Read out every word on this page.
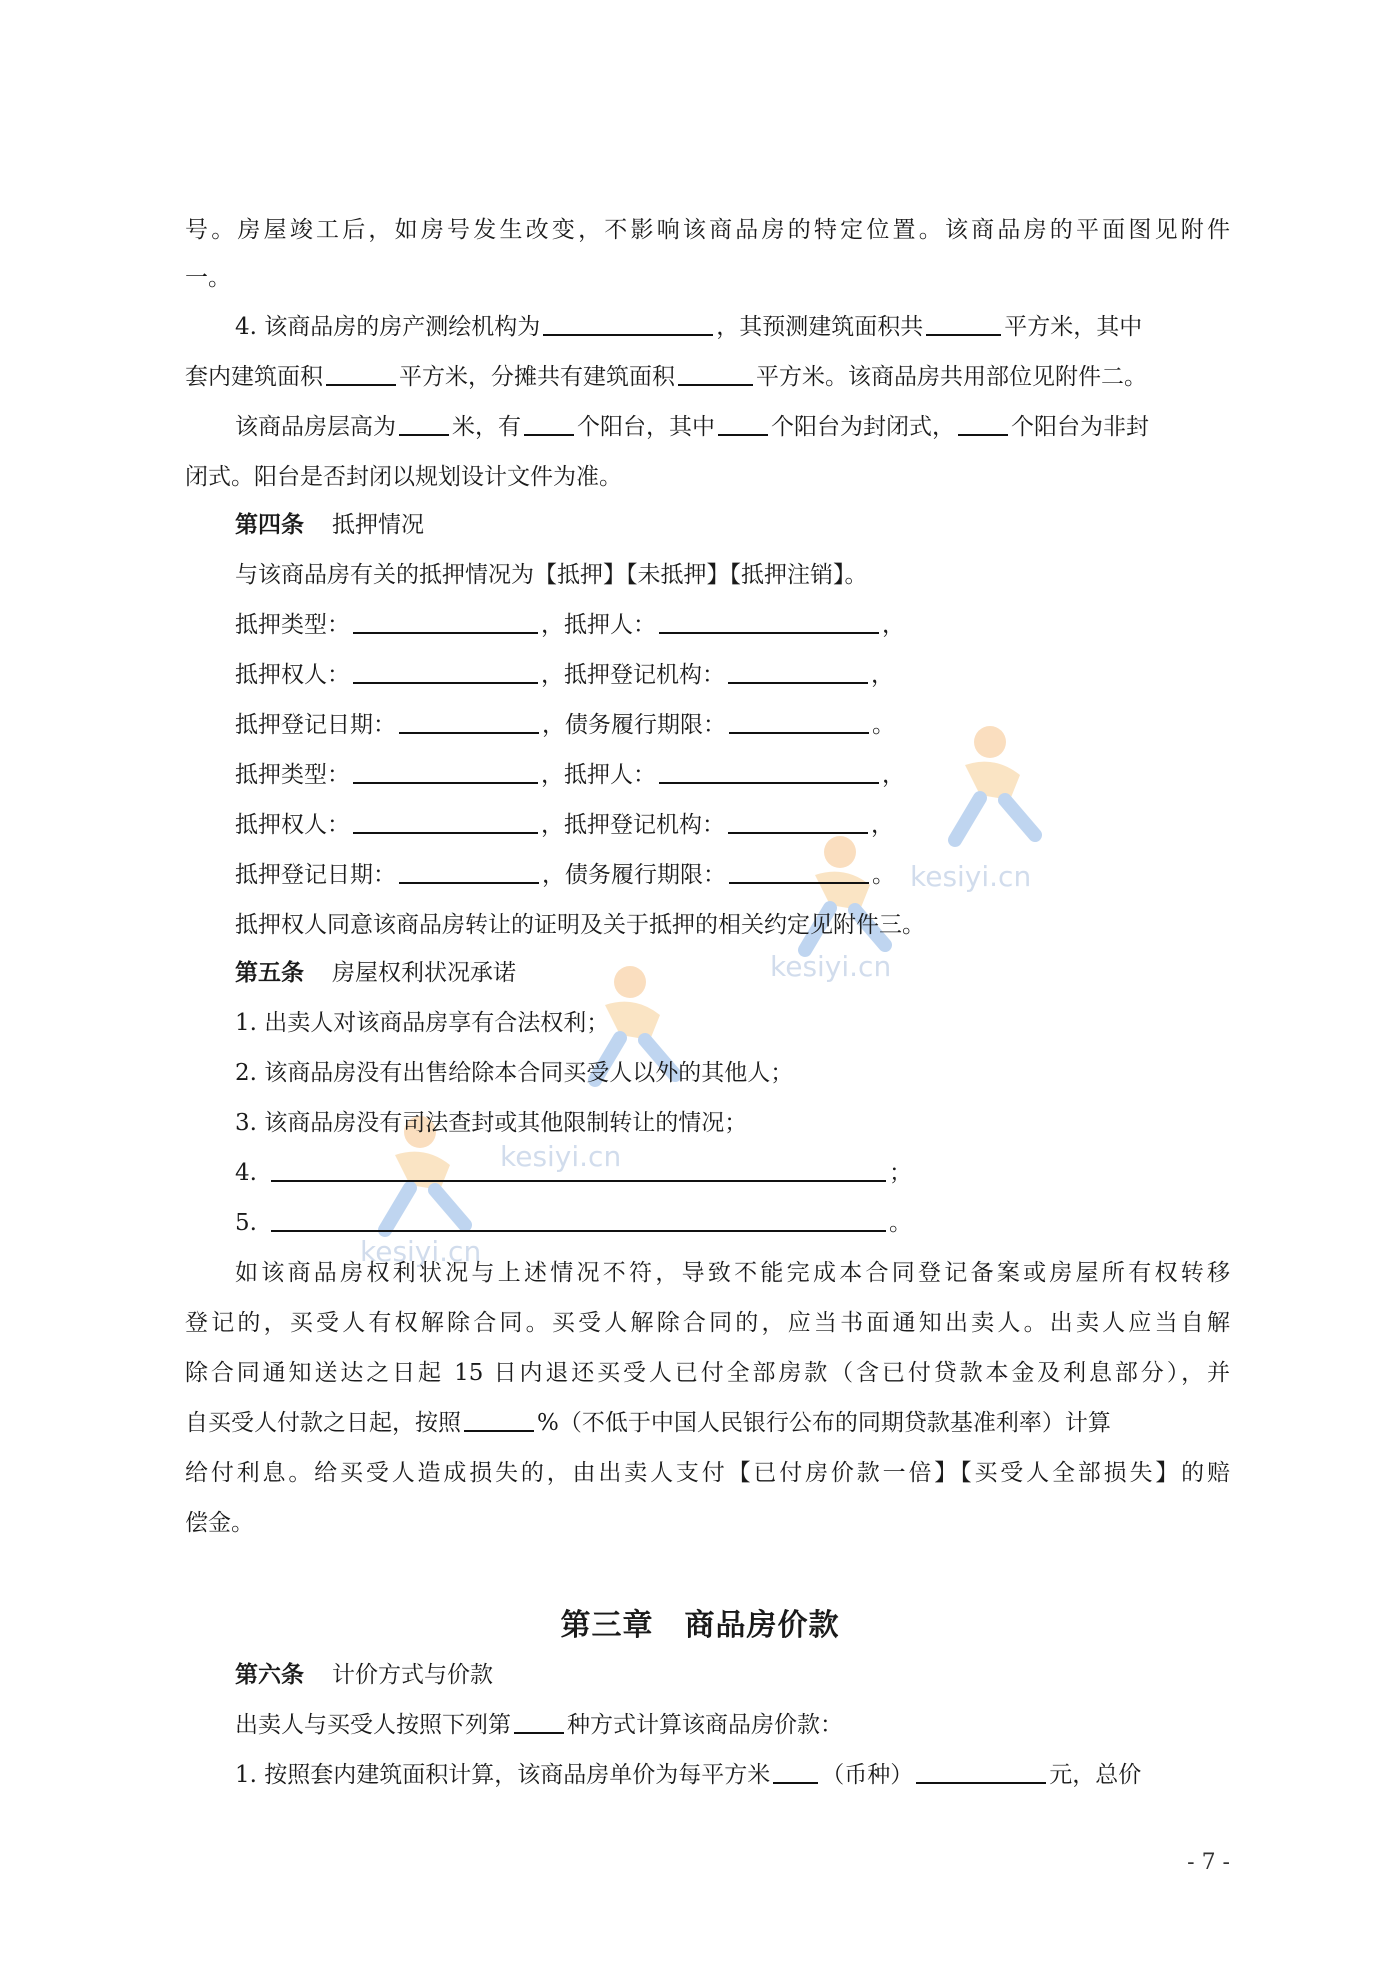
kesiyi.cn
kesiyi.cn
kesiyi.cn
kesiyi.cn
号。房屋竣工后，如房号发生改变，不影响该商品房的特定位置。该商品房的平面图见附件
一。
4. 该商品房的房产测绘机构为	，其预测建筑面积共	平方米，其中
套内建筑面积	平方米，分摊共有建筑面积	平方米。该商品房共用部位见附件二。
该商品房层高为 米，有 个阳台，其中 个阳台为封闭式， 个阳台为非封
闭式。阳台是否封闭以规划设计文件为准。
第四条 抵押情况
与该商品房有关的抵押情况为【抵押】【未抵押】【抵押注销】。
抵押类型：	，抵押人：	，
抵押权人：	，抵押登记机构：	，
抵押登记日期：	，债务履行期限：	。
抵押类型：	，抵押人：	，
抵押权人：	，抵押登记机构：	，
抵押登记日期：	，债务履行期限：	。
抵押权人同意该商品房转让的证明及关于抵押的相关约定见附件三。
第五条 房屋权利状况承诺
1. 出卖人对该商品房享有合法权利；
2. 该商品房没有出售给除本合同买受人以外的其他人；
3. 该商品房没有司法查封或其他限制转让的情况；
4.	；
5.	。
如该商品房权利状况与上述情况不符，导致不能完成本合同登记备案或房屋所有权转移
登记的，买受人有权解除合同。买受人解除合同的，应当书面通知出卖人。出卖人应当自解
除合同通知送达之日起 15 日内退还买受人已付全部房款（含已付贷款本金及利息部分），并
自买受人付款之日起，按照	%（不低于中国人民银行公布的同期贷款基准利率）计算
给付利息。给买受人造成损失的，由出卖人支付【已付房价款一倍】【买受人全部损失】的赔
偿金。
第三章　商品房价款
第六条 计价方式与价款
出卖人与买受人按照下列第 种方式计算该商品房价款：
1. 按照套内建筑面积计算，该商品房单价为每平方米 （币种）	元，总价
- 7 -
